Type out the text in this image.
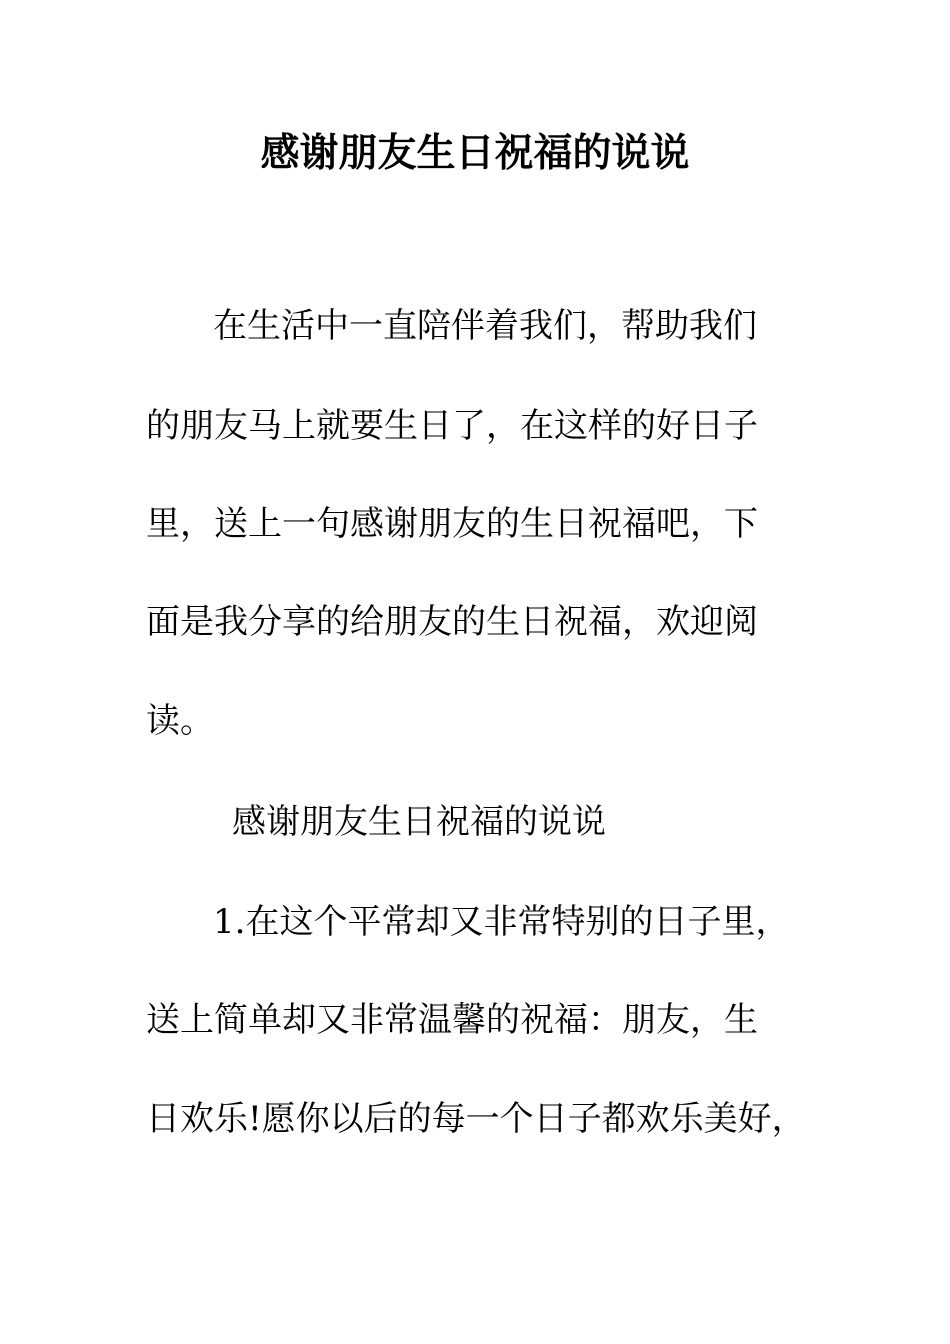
感谢朋友生日祝福的说说
在生活中一直陪伴着我们，帮助我们
的朋友马上就要生日了，在这样的好日子
里，送上一句感谢朋友的生日祝福吧，下
面是我分享的给朋友的生日祝福，欢迎阅
读。
感谢朋友生日祝福的说说
1.在这个平常却又非常特别的日子里，
送上简单却又非常温馨的祝福：朋友，生
日欢乐!愿你以后的每一个日子都欢乐美好，
